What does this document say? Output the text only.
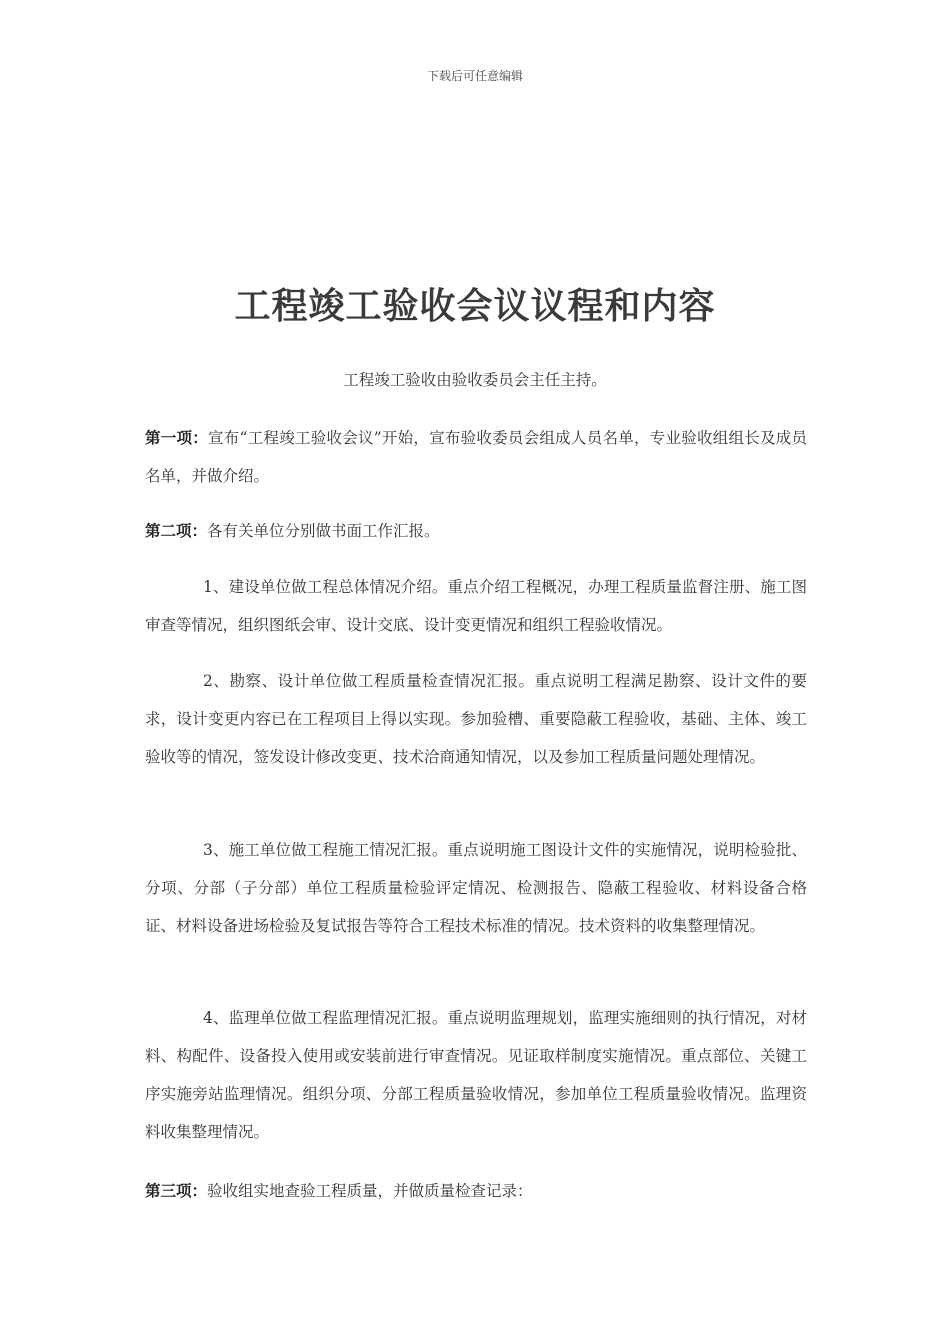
下载后可任意编辑
工程竣工验收会议议程和内容
工程竣工验收由验收委员会主任主持。

第一项：宣布“工程竣工验收会议”开始，宣布验收委员会组成人员名单，专业验收组组长及成员名单，并做介绍。

第二项：各有关单位分别做书面工作汇报。

1、建设单位做工程总体情况介绍。重点介绍工程概况，办理工程质量监督注册、施工图审查等情况，组织图纸会审、设计交底、设计变更情况和组织工程验收情况。

2、勘察、设计单位做工程质量检查情况汇报。重点说明工程满足勘察、设计文件的要求，设计变更内容已在工程项目上得以实现。参加验槽、重要隐蔽工程验收，基础、主体、竣工验收等的情况，签发设计修改变更、技术洽商通知情况，以及参加工程质量问题处理情况。

3、施工单位做工程施工情况汇报。重点说明施工图设计文件的实施情况，说明检验批、分项、分部（子分部）单位工程质量检验评定情况、检测报告、隐蔽工程验收、材料设备合格证、材料设备进场检验及复试报告等符合工程技术标准的情况。技术资料的收集整理情况。

4、监理单位做工程监理情况汇报。重点说明监理规划，监理实施细则的执行情况，对材料、构配件、设备投入使用或安装前进行审查情况。见证取样制度实施情况。重点部位、关键工序实施旁站监理情况。组织分项、分部工程质量验收情况，参加单位工程质量验收情况。监理资料收集整理情况。

第三项：验收组实地查验工程质量，并做质量检查记录：
